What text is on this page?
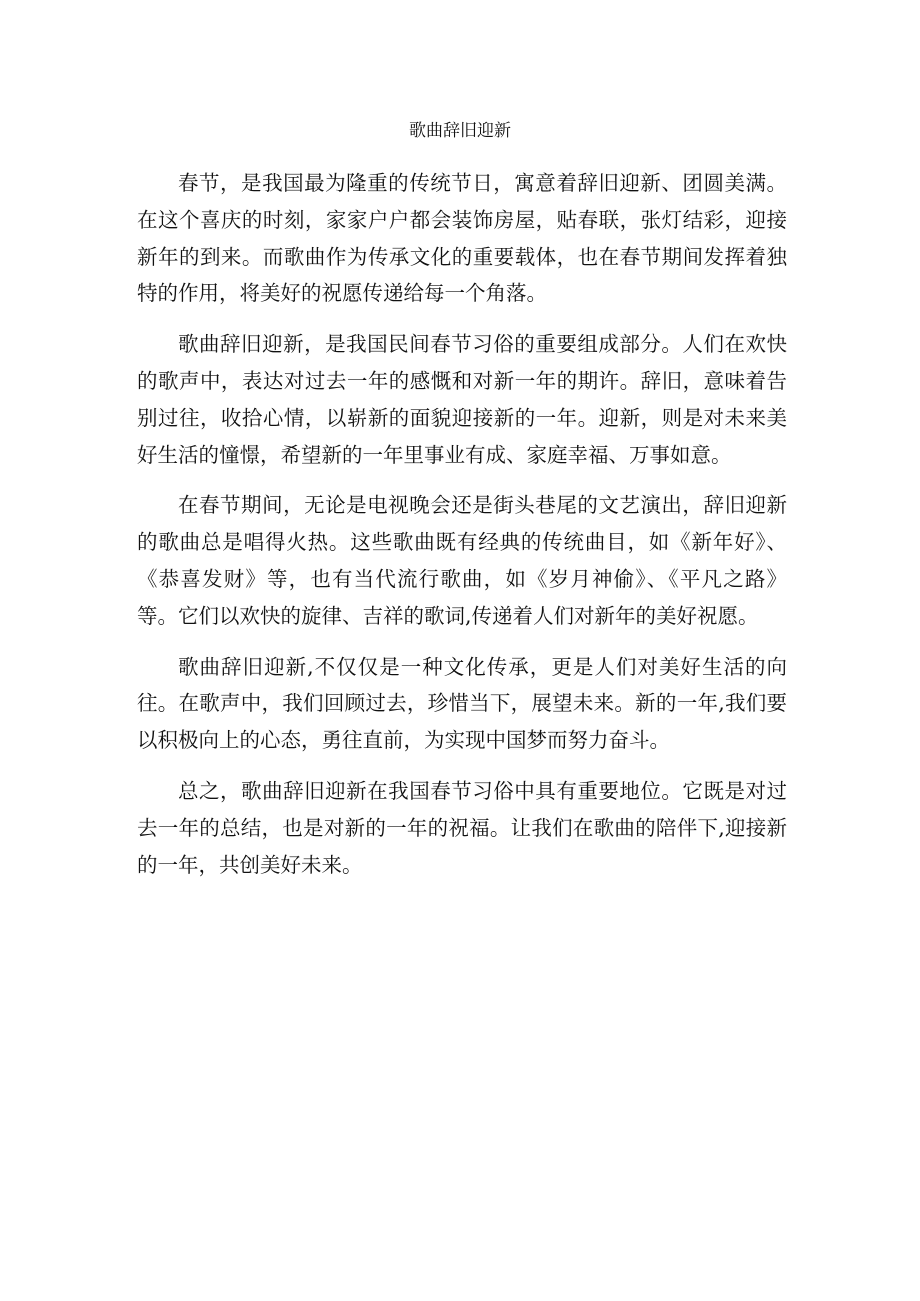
歌曲辞旧迎新

春节，是我国最为隆重的传统节日，寓意着辞旧迎新、团圆美满。在这个喜庆的时刻，家家户户都会装饰房屋，贴春联，张灯结彩，迎接新年的到来。而歌曲作为传承文化的重要载体，也在春节期间发挥着独特的作用，将美好的祝愿传递给每一个角落。

歌曲辞旧迎新，是我国民间春节习俗的重要组成部分。人们在欢快的歌声中，表达对过去一年的感慨和对新一年的期许。辞旧，意味着告别过往，收拾心情，以崭新的面貌迎接新的一年。迎新，则是对未来美好生活的憧憬，希望新的一年里事业有成、家庭幸福、万事如意。

在春节期间，无论是电视晚会还是街头巷尾的文艺演出，辞旧迎新的歌曲总是唱得火热。这些歌曲既有经典的传统曲目，如《新年好》、《恭喜发财》等，也有当代流行歌曲，如《岁月神偷》、《平凡之路》等。它们以欢快的旋律、吉祥的歌词,传递着人们对新年的美好祝愿。

歌曲辞旧迎新,不仅仅是一种文化传承，更是人们对美好生活的向往。在歌声中，我们回顾过去，珍惜当下，展望未来。新的一年,我们要以积极向上的心态，勇往直前，为实现中国梦而努力奋斗。

总之，歌曲辞旧迎新在我国春节习俗中具有重要地位。它既是对过去一年的总结，也是对新的一年的祝福。让我们在歌曲的陪伴下,迎接新的一年，共创美好未来。
